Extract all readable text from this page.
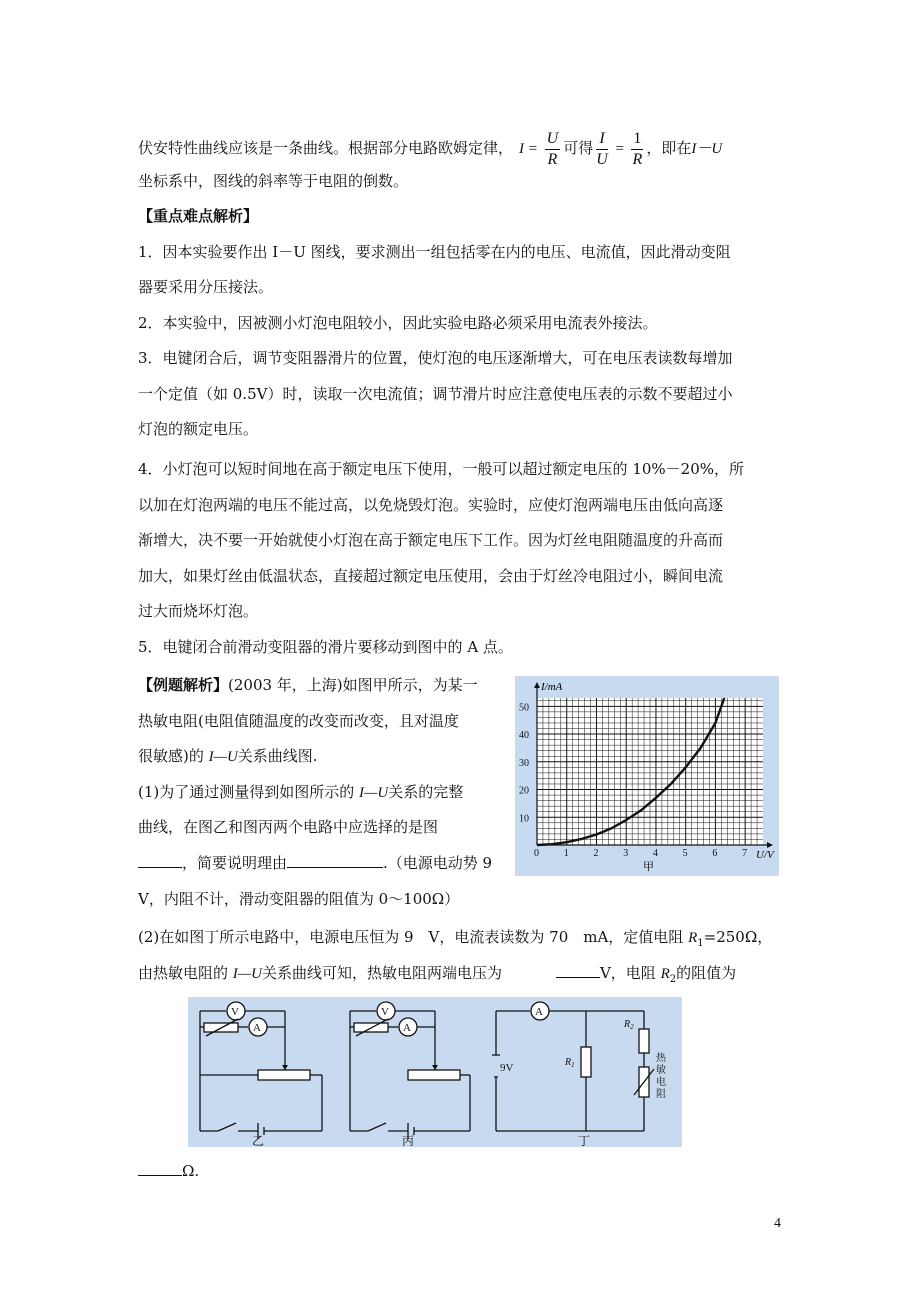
伏安特性曲线应该是一条曲线。根据部分电路欧姆定律， $I = \frac{U}{R}$ 可得 $\frac{I}{U} = \frac{1}{R}$ ，即在I－U
坐标系中，图线的斜率等于电阻的倒数。
【重点难点解析】
1．因本实验要作出 I－U 图线，要求测出一组包括零在内的电压、电流值，因此滑动变阻
器要采用分压接法。
2．本实验中，因被测小灯泡电阻较小，因此实验电路必须采用电流表外接法。
3．电键闭合后，调节变阻器滑片的位置，使灯泡的电压逐渐增大，可在电压表读数每增加
一个定值（如 0.5V）时，读取一次电流值；调节滑片时应注意使电压表的示数不要超过小
灯泡的额定电压。
4．小灯泡可以短时间地在高于额定电压下使用，一般可以超过额定电压的 10%－20%，所
以加在灯泡两端的电压不能过高，以免烧毁灯泡。实验时，应使灯泡两端电压由低向高逐
渐增大，决不要一开始就使小灯泡在高于额定电压下工作。因为灯丝电阻随温度的升高而
加大，如果灯丝由低温状态，直接超过额定电压使用，会由于灯丝冷电阻过小，瞬间电流
过大而烧坏灯泡。
5．电键闭合前滑动变阻器的滑片要移动到图中的 A 点。
【例题解析】(2003 年，上海)如图甲所示，为某一
热敏电阻(电阻值随温度的改变而改变，且对温度
很敏感)的 I—U关系曲线图.
(1)为了通过测量得到如图所示的 I—U关系的完整
曲线，在图乙和图丙两个电路中应选择的是图
，简要说明理由	.（电源电动势 9
V，内阻不计，滑动变阻器的阻值为 0～100Ω）
(2)在如图丁所示电路中，电源电压恒为 9　V，电流表读数为 70　mA，定值电阻 $R_1=250\Omega$，
由热敏电阻的 I—U关系曲线可知，热敏电阻两端电压为	V，电阻 $R_2$的阻值为
Ω.
0 1 2 3 4 5 6 7
10
20
30
40
50
I/mA
U/V
甲
V
A
乙
V
A
丙
9V
A
$R_1$
$R_2$
热
敏
电
阻
丁
4
